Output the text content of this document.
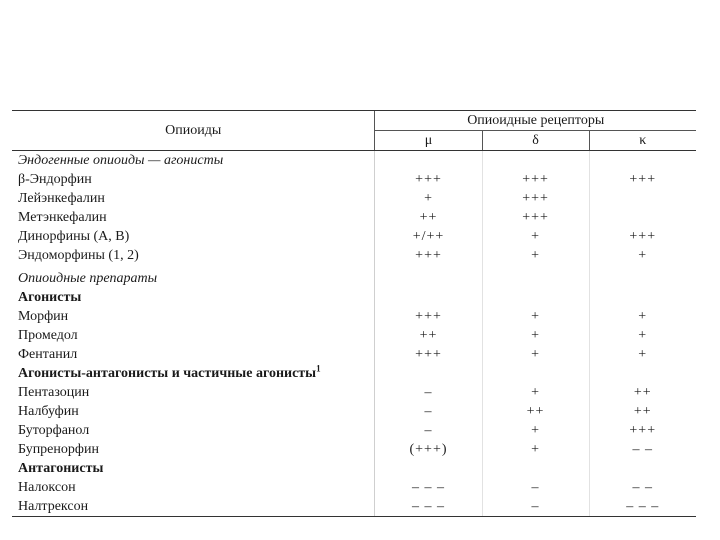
Опиоиды	Опиоидные рецепторы		
	μ	δ	κ
Эндогенные опиоиды — агонисты			
β-Эндорфин	+++	+++	+++
Лейэнкефалин	+	+++	
Метэнкефалин	++	+++	
Динорфины (А, В)	+/++	+	+++
Эндоморфины (1, 2)	+++	+	+

Опиоидные препараты			
Агонисты			
Морфин	+++	+	+
Промедол	++	+	+
Фентанил	+++	+	+
Агонисты-антагонисты и частичные агонисты$^1$			
Пентазоцин	–	+	++
Налбуфин	–	++	++
Буторфанол	–	+	+++
Бупренорфин	(+++)	+	– –
Антагонисты			
Налоксон	– – –	–	– –
Налтрексон	– – –	–	– – –
